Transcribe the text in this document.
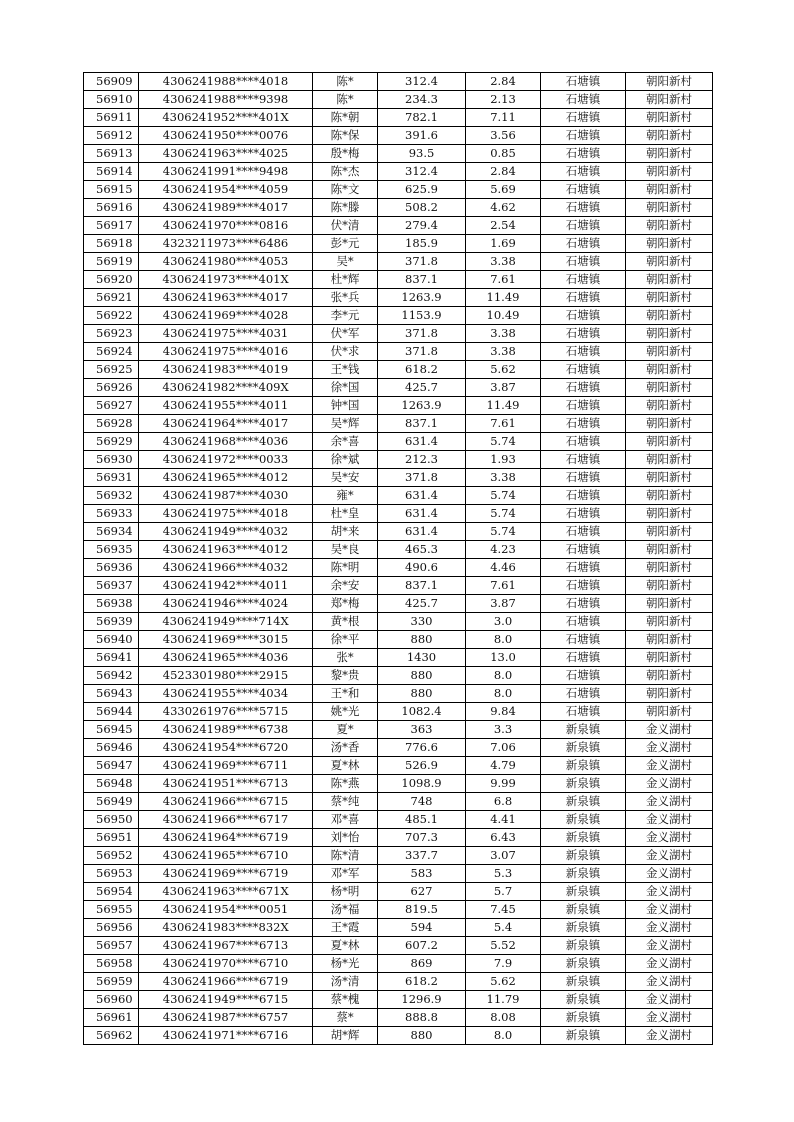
56909	4306241988****4018	陈*	312.4	2.84	石塘镇	朝阳新村
56910	4306241988****9398	陈*	234.3	2.13	石塘镇	朝阳新村
56911	4306241952****401X	陈*朝	782.1	7.11	石塘镇	朝阳新村
56912	4306241950****0076	陈*保	391.6	3.56	石塘镇	朝阳新村
56913	4306241963****4025	殷*梅	93.5	0.85	石塘镇	朝阳新村
56914	4306241991****9498	陈*杰	312.4	2.84	石塘镇	朝阳新村
56915	4306241954****4059	陈*文	625.9	5.69	石塘镇	朝阳新村
56916	4306241989****4017	陈*滕	508.2	4.62	石塘镇	朝阳新村
56917	4306241970****0816	伏*清	279.4	2.54	石塘镇	朝阳新村
56918	4323211973****6486	彭*元	185.9	1.69	石塘镇	朝阳新村
56919	4306241980****4053	吴*	371.8	3.38	石塘镇	朝阳新村
56920	4306241973****401X	杜*辉	837.1	7.61	石塘镇	朝阳新村
56921	4306241963****4017	张*兵	1263.9	11.49	石塘镇	朝阳新村
56922	4306241969****4028	李*元	1153.9	10.49	石塘镇	朝阳新村
56923	4306241975****4031	伏*军	371.8	3.38	石塘镇	朝阳新村
56924	4306241975****4016	伏*求	371.8	3.38	石塘镇	朝阳新村
56925	4306241983****4019	王*钱	618.2	5.62	石塘镇	朝阳新村
56926	4306241982****409X	徐*国	425.7	3.87	石塘镇	朝阳新村
56927	4306241955****4011	钟*国	1263.9	11.49	石塘镇	朝阳新村
56928	4306241964****4017	吴*辉	837.1	7.61	石塘镇	朝阳新村
56929	4306241968****4036	余*喜	631.4	5.74	石塘镇	朝阳新村
56930	4306241972****0033	徐*斌	212.3	1.93	石塘镇	朝阳新村
56931	4306241965****4012	吴*安	371.8	3.38	石塘镇	朝阳新村
56932	4306241987****4030	雍*	631.4	5.74	石塘镇	朝阳新村
56933	4306241975****4018	杜*皇	631.4	5.74	石塘镇	朝阳新村
56934	4306241949****4032	胡*来	631.4	5.74	石塘镇	朝阳新村
56935	4306241963****4012	吴*良	465.3	4.23	石塘镇	朝阳新村
56936	4306241966****4032	陈*明	490.6	4.46	石塘镇	朝阳新村
56937	4306241942****4011	余*安	837.1	7.61	石塘镇	朝阳新村
56938	4306241946****4024	郑*梅	425.7	3.87	石塘镇	朝阳新村
56939	4306241949****714X	黄*根	330	3.0	石塘镇	朝阳新村
56940	4306241969****3015	徐*平	880	8.0	石塘镇	朝阳新村
56941	4306241965****4036	张*	1430	13.0	石塘镇	朝阳新村
56942	4523301980****2915	黎*贵	880	8.0	石塘镇	朝阳新村
56943	4306241955****4034	王*和	880	8.0	石塘镇	朝阳新村
56944	4330261976****5715	姚*光	1082.4	9.84	石塘镇	朝阳新村
56945	4306241989****6738	夏*	363	3.3	新泉镇	金义湖村
56946	4306241954****6720	汤*香	776.6	7.06	新泉镇	金义湖村
56947	4306241969****6711	夏*林	526.9	4.79	新泉镇	金义湖村
56948	4306241951****6713	陈*燕	1098.9	9.99	新泉镇	金义湖村
56949	4306241966****6715	蔡*纯	748	6.8	新泉镇	金义湖村
56950	4306241966****6717	邓*喜	485.1	4.41	新泉镇	金义湖村
56951	4306241964****6719	刘*怡	707.3	6.43	新泉镇	金义湖村
56952	4306241965****6710	陈*清	337.7	3.07	新泉镇	金义湖村
56953	4306241969****6719	邓*军	583	5.3	新泉镇	金义湖村
56954	4306241963****671X	杨*明	627	5.7	新泉镇	金义湖村
56955	4306241954****0051	汤*福	819.5	7.45	新泉镇	金义湖村
56956	4306241983****832X	王*霞	594	5.4	新泉镇	金义湖村
56957	4306241967****6713	夏*林	607.2	5.52	新泉镇	金义湖村
56958	4306241970****6710	杨*光	869	7.9	新泉镇	金义湖村
56959	4306241966****6719	汤*清	618.2	5.62	新泉镇	金义湖村
56960	4306241949****6715	蔡*槐	1296.9	11.79	新泉镇	金义湖村
56961	4306241987****6757	蔡*	888.8	8.08	新泉镇	金义湖村
56962	4306241971****6716	胡*辉	880	8.0	新泉镇	金义湖村
